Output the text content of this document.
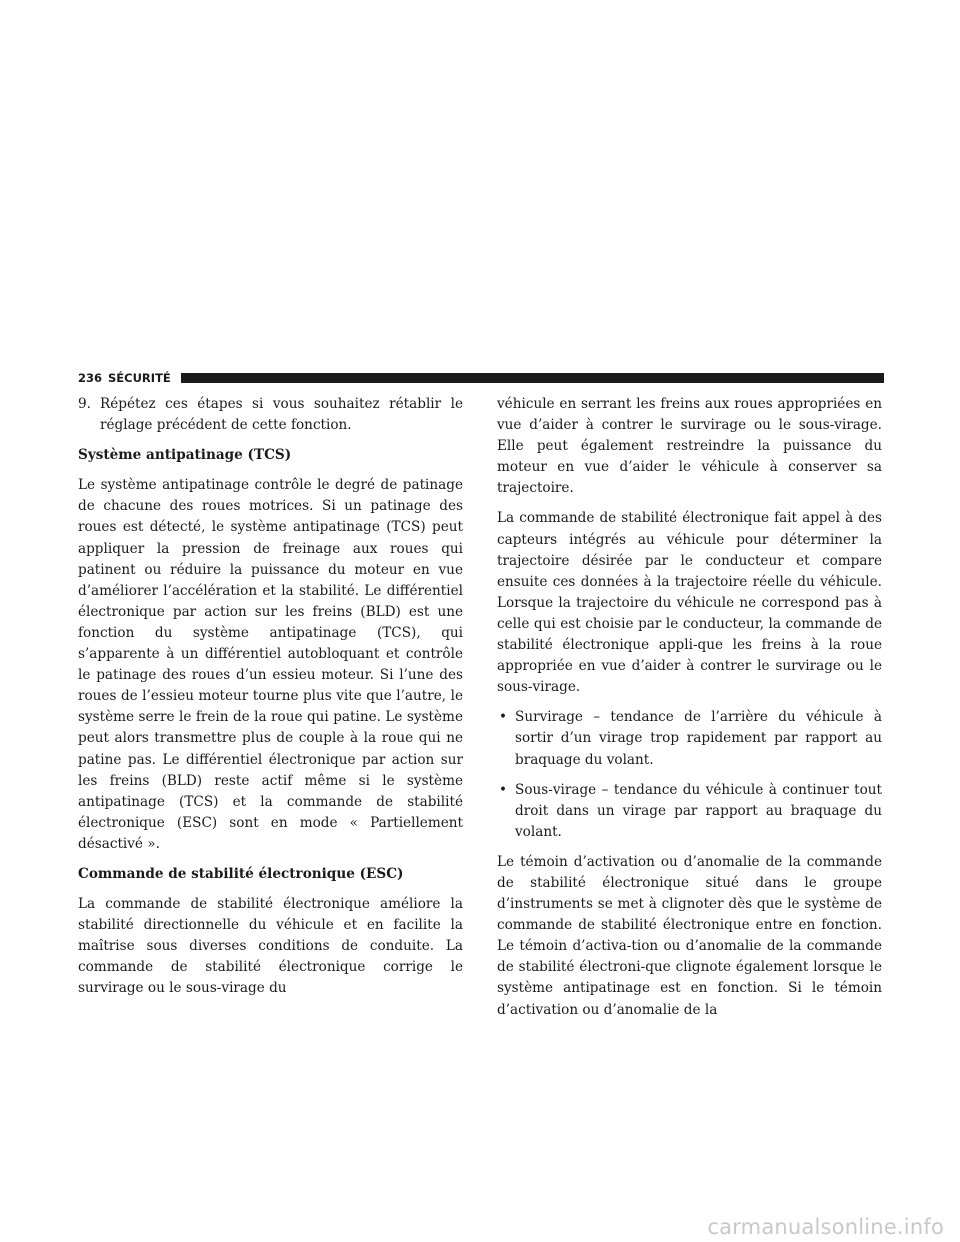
236 SÉCURITÉ
9. Répétez ces étapes si vous souhaitez rétablir le réglage précédent de cette fonction.
Système antipatinage (TCS)

Le système antipatinage contrôle le degré de patinage de chacune des roues motrices. Si un patinage des roues est détecté, le système antipatinage (TCS) peut appliquer la pression de freinage aux roues qui patinent ou réduire la puissance du moteur en vue d’améliorer l’accélération et la stabilité. Le différentiel électronique par action sur les freins (BLD) est une fonction du système antipatinage (TCS), qui s’apparente à un différentiel autobloquant et contrôle le patinage des roues d’un essieu moteur. Si l’une des roues de l’essieu moteur tourne plus vite que l’autre, le système serre le frein de la roue qui patine. Le système peut alors transmettre plus de couple à la roue qui ne patine pas. Le différentiel électronique par action sur les freins (BLD) reste actif même si le système antipatinage (TCS) et la commande de stabilité électronique (ESC) sont en mode « Partiellement désactivé ».

Commande de stabilité électronique (ESC)

La commande de stabilité électronique améliore la stabilité directionnelle du véhicule et en facilite la maîtrise sous diverses conditions de conduite. La commande de stabilité électronique corrige le survirage ou le sous-virage du

véhicule en serrant les freins aux roues appropriées en vue d’aider à contrer le survirage ou le sous-virage. Elle peut également restreindre la puissance du moteur en vue d’aider le véhicule à conserver sa trajectoire.

La commande de stabilité électronique fait appel à des capteurs intégrés au véhicule pour déterminer la trajectoire désirée par le conducteur et compare ensuite ces données à la trajectoire réelle du véhicule. Lorsque la trajectoire du véhicule ne correspond pas à celle qui est choisie par le conducteur, la commande de stabilité électronique appli-que les freins à la roue appropriée en vue d’aider à contrer le survirage ou le sous-virage.

• Survirage – tendance de l’arrière du véhicule à sortir d’un virage trop rapidement par rapport au braquage du volant.
• Sous-virage – tendance du véhicule à continuer tout droit dans un virage par rapport au braquage du volant.

Le témoin d’activation ou d’anomalie de la commande de stabilité électronique situé dans le groupe d’instruments se met à clignoter dès que le système de commande de stabilité électronique entre en fonction. Le témoin d’activa-tion ou d’anomalie de la commande de stabilité électroni-que clignote également lorsque le système antipatinage est en fonction. Si le témoin d’activation ou d’anomalie de la

carmanualsonline.info
